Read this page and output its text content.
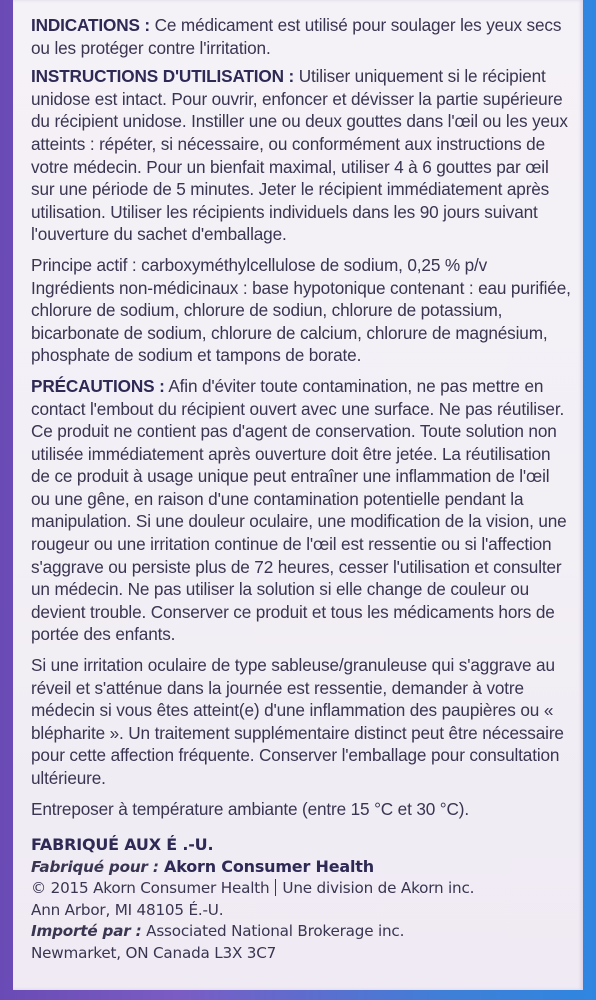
INDICATIONS : Ce médicament est utilisé pour soulager les yeux secs ou les protéger contre l'irritation.

INSTRUCTIONS D'UTILISATION : Utiliser uniquement si le récipient unidose est intact. Pour ouvrir, enfoncer et dévisser la partie supérieure du récipient unidose. Instiller une ou deux gouttes dans l'œil ou les yeux atteints : répéter, si nécessaire, ou conformément aux instructions de votre médecin. Pour un bienfait maximal, utiliser 4 à 6 gouttes par œil sur une période de 5 minutes. Jeter le récipient immédiatement après utilisation. Utiliser les récipients individuels dans les 90 jours suivant l'ouverture du sachet d'emballage.

Principe actif : carboxyméthylcellulose de sodium, 0,25 % p/v

Ingrédients non-médicinaux : base hypotonique contenant : eau purifiée, chlorure de sodium, chlorure de sodiun, chlorure de potassium, bicarbonate de sodium, chlorure de calcium, chlorure de magnésium, phosphate de sodium et tampons de borate.

PRÉCAUTIONS : Afin d'éviter toute contamination, ne pas mettre en contact l'embout du récipient ouvert avec une surface. Ne pas réutiliser. Ce produit ne contient pas d'agent de conservation. Toute solution non utilisée immédiatement après ouverture doit être jetée. La réutilisation de ce produit à usage unique peut entraîner une inflammation de l'œil ou une gêne, en raison d'une contamination potentielle pendant la manipulation. Si une douleur oculaire, une modification de la vision, une rougeur ou une irritation continue de l'œil est ressentie ou si l'affection s'aggrave ou persiste plus de 72 heures, cesser l'utilisation et consulter un médecin. Ne pas utiliser la solution si elle change de couleur ou devient trouble. Conserver ce produit et tous les médicaments hors de portée des enfants.

Si une irritation oculaire de type sableuse/granuleuse qui s'aggrave au réveil et s'atténue dans la journée est ressentie, demander à votre médecin si vous êtes atteint(e) d'une inflammation des paupières ou « blépharite ». Un traitement supplémentaire distinct peut être nécessaire pour cette affection fréquente. Conserver l'emballage pour consultation ultérieure.

Entreposer à température ambiante (entre 15 °C et 30 °C).

FABRIQUÉ AUX É .-U.
Fabriqué pour : Akorn Consumer Health
© 2015 Akorn Consumer Health Une division de Akorn inc.
Ann Arbor, MI 48105 É.-U.
Importé par : Associated National Brokerage inc.
Newmarket, ON Canada L3X 3C7
